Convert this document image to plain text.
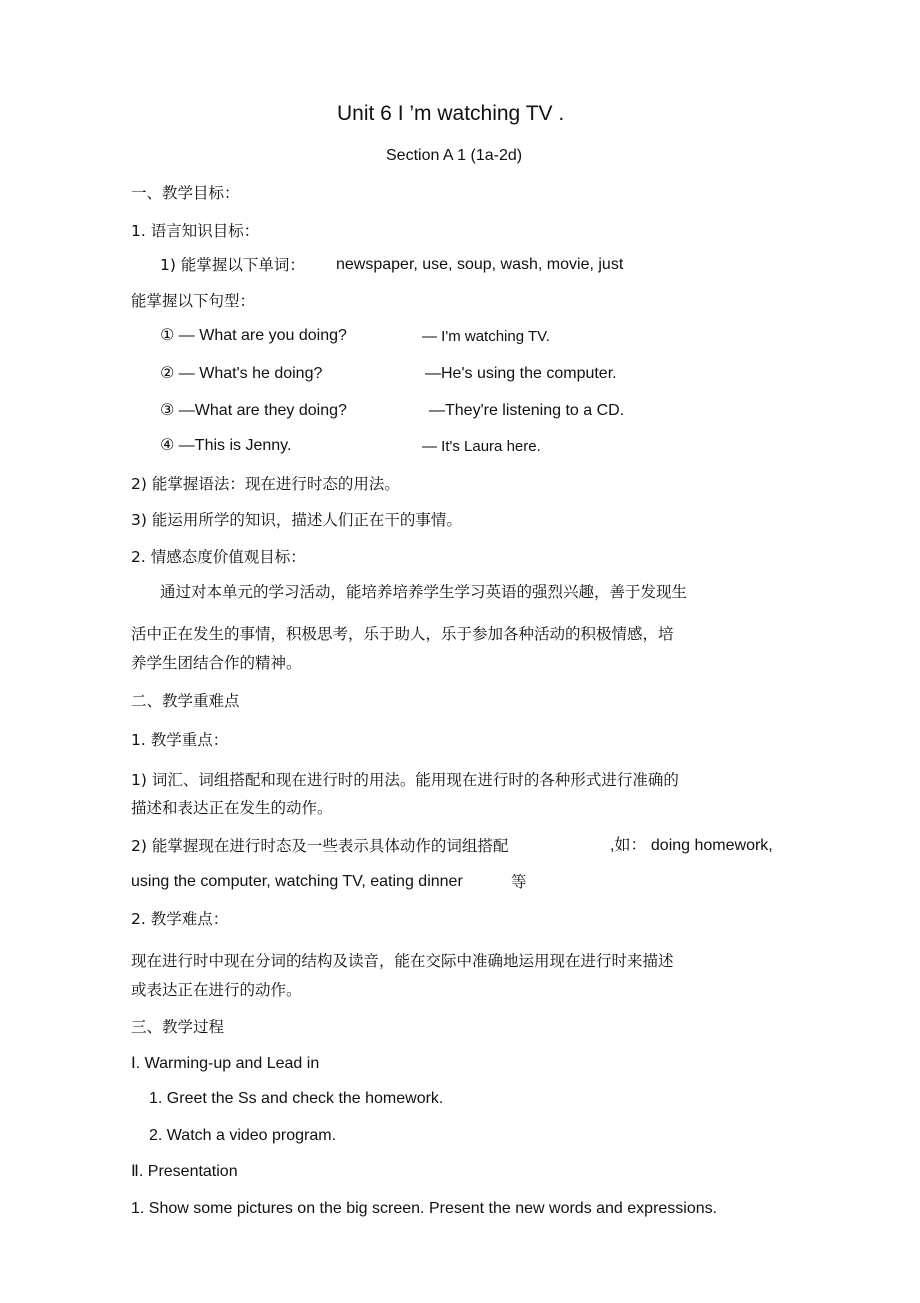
Unit 6 I ’m watching TV .
Section A 1 (1a-2d)
一、教学目标：
1. 语言知识目标：
1) 能掌握以下单词： newspaper, use, soup, wash, movie, just
能掌握以下句型：
① — What are you doing?	— I'm watching TV.
② — What's he doing?	—He's using the computer.
③ —What are they doing?	—They're listening to a CD.
④ —This is Jenny.	— It's Laura here.
2) 能掌握语法：现在进行时态的用法。
3) 能运用所学的知识，描述人们正在干的事情。
2. 情感态度价值观目标：
通过对本单元的学习活动，能培养培养学生学习英语的强烈兴趣，善于发现生
活中正在发生的事情，积极思考，乐于助人，乐于参加各种活动的积极情感，培
养学生团结合作的精神。
二、教学重难点
1. 教学重点：
1) 词汇、词组搭配和现在进行时的用法。能用现在进行时的各种形式进行准确的
描述和表达正在发生的动作。
2) 能掌握现在进行时态及一些表示具体动作的词组搭配	,如： doing homework,
using the computer, watching TV, eating dinner	等
2. 教学难点：
现在进行时中现在分词的结构及读音，能在交际中准确地运用现在进行时来描述
或表达正在进行的动作。
三、教学过程
Ⅰ. Warming-up and Lead in
1. Greet the Ss and check the homework.
2. Watch a video program.
Ⅱ. Presentation
1. Show some pictures on the big screen. Present the new words and expressions.
